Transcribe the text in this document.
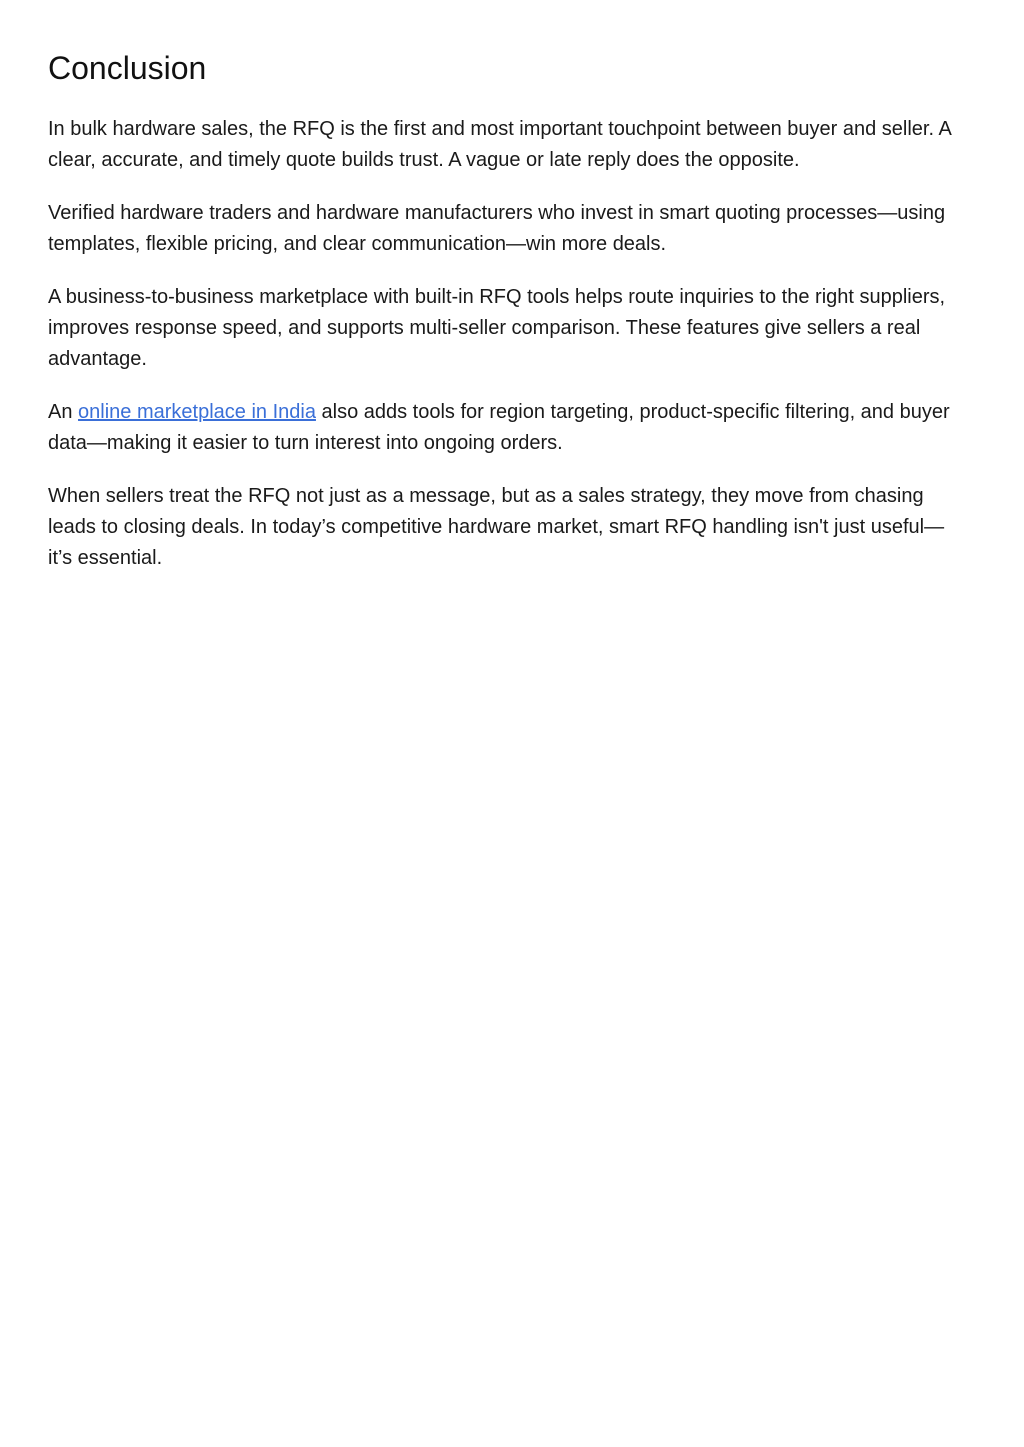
Conclusion

In bulk hardware sales, the RFQ is the first and most important touchpoint between buyer and seller. A clear, accurate, and timely quote builds trust. A vague or late reply does the opposite.

Verified hardware traders and hardware manufacturers who invest in smart quoting processes—using templates, flexible pricing, and clear communication—win more deals.

A business-to-business marketplace with built-in RFQ tools helps route inquiries to the right suppliers, improves response speed, and supports multi-seller comparison. These features give sellers a real advantage.

An online marketplace in India also adds tools for region targeting, product-specific filtering, and buyer data—making it easier to turn interest into ongoing orders.

When sellers treat the RFQ not just as a message, but as a sales strategy, they move from chasing leads to closing deals. In today’s competitive hardware market, smart RFQ handling isn't just useful—it’s essential.
